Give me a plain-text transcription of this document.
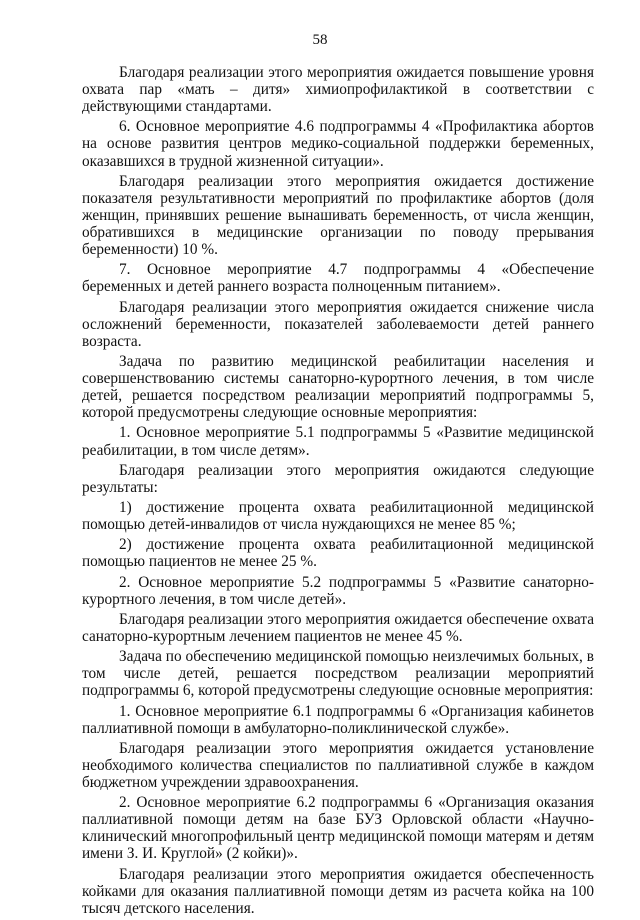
58

Благодаря реализации этого мероприятия ожидается повышение уровня охвата пар «мать – дитя» химиопрофилактикой в соответствии с действующими стандартами.

6. Основное мероприятие 4.6 подпрограммы 4 «Профилактика абортов на основе развития центров медико-социальной поддержки беременных, оказавшихся в трудной жизненной ситуации».

Благодаря реализации этого мероприятия ожидается достижение показателя результативности мероприятий по профилактике абортов (доля женщин, принявших решение вынашивать беременность, от числа женщин, обратившихся в медицинские организации по поводу прерывания беременности) 10 %.

7. Основное мероприятие 4.7 подпрограммы 4 «Обеспечение беременных и детей раннего возраста полноценным питанием».

Благодаря реализации этого мероприятия ожидается снижение числа осложнений беременности, показателей заболеваемости детей раннего возраста.

Задача по развитию медицинской реабилитации населения и совершенствованию системы санаторно-курортного лечения, в том числе детей, решается посредством реализации мероприятий подпрограммы 5, которой предусмотрены следующие основные мероприятия:

1. Основное мероприятие 5.1 подпрограммы 5 «Развитие медицинской реабилитации, в том числе детям».

Благодаря реализации этого мероприятия ожидаются следующие результаты:

1) достижение процента охвата реабилитационной медицинской помощью детей-инвалидов от числа нуждающихся не менее 85 %;

2) достижение процента охвата реабилитационной медицинской помощью пациентов не менее 25 %.

2. Основное мероприятие 5.2 подпрограммы 5 «Развитие санаторно-курортного лечения, в том числе детей».

Благодаря реализации этого мероприятия ожидается обеспечение охвата санаторно-курортным лечением пациентов не менее 45 %.

Задача по обеспечению медицинской помощью неизлечимых больных, в том числе детей, решается посредством реализации мероприятий подпрограммы 6, которой предусмотрены следующие основные мероприятия:

1. Основное мероприятие 6.1 подпрограммы 6 «Организация кабинетов паллиативной помощи в амбулаторно-поликлинической службе».

Благодаря реализации этого мероприятия ожидается установление необходимого количества специалистов по паллиативной службе в каждом бюджетном учреждении здравоохранения.

2. Основное мероприятие 6.2 подпрограммы 6 «Организация оказания паллиативной помощи детям на базе БУЗ Орловской области «Научно-клинический многопрофильный центр медицинской помощи матерям и детям имени З. И. Круглой» (2 койки)».

Благодаря реализации этого мероприятия ожидается обеспеченность койками для оказания паллиативной помощи детям из расчета койка на 100 тысяч детского населения.
